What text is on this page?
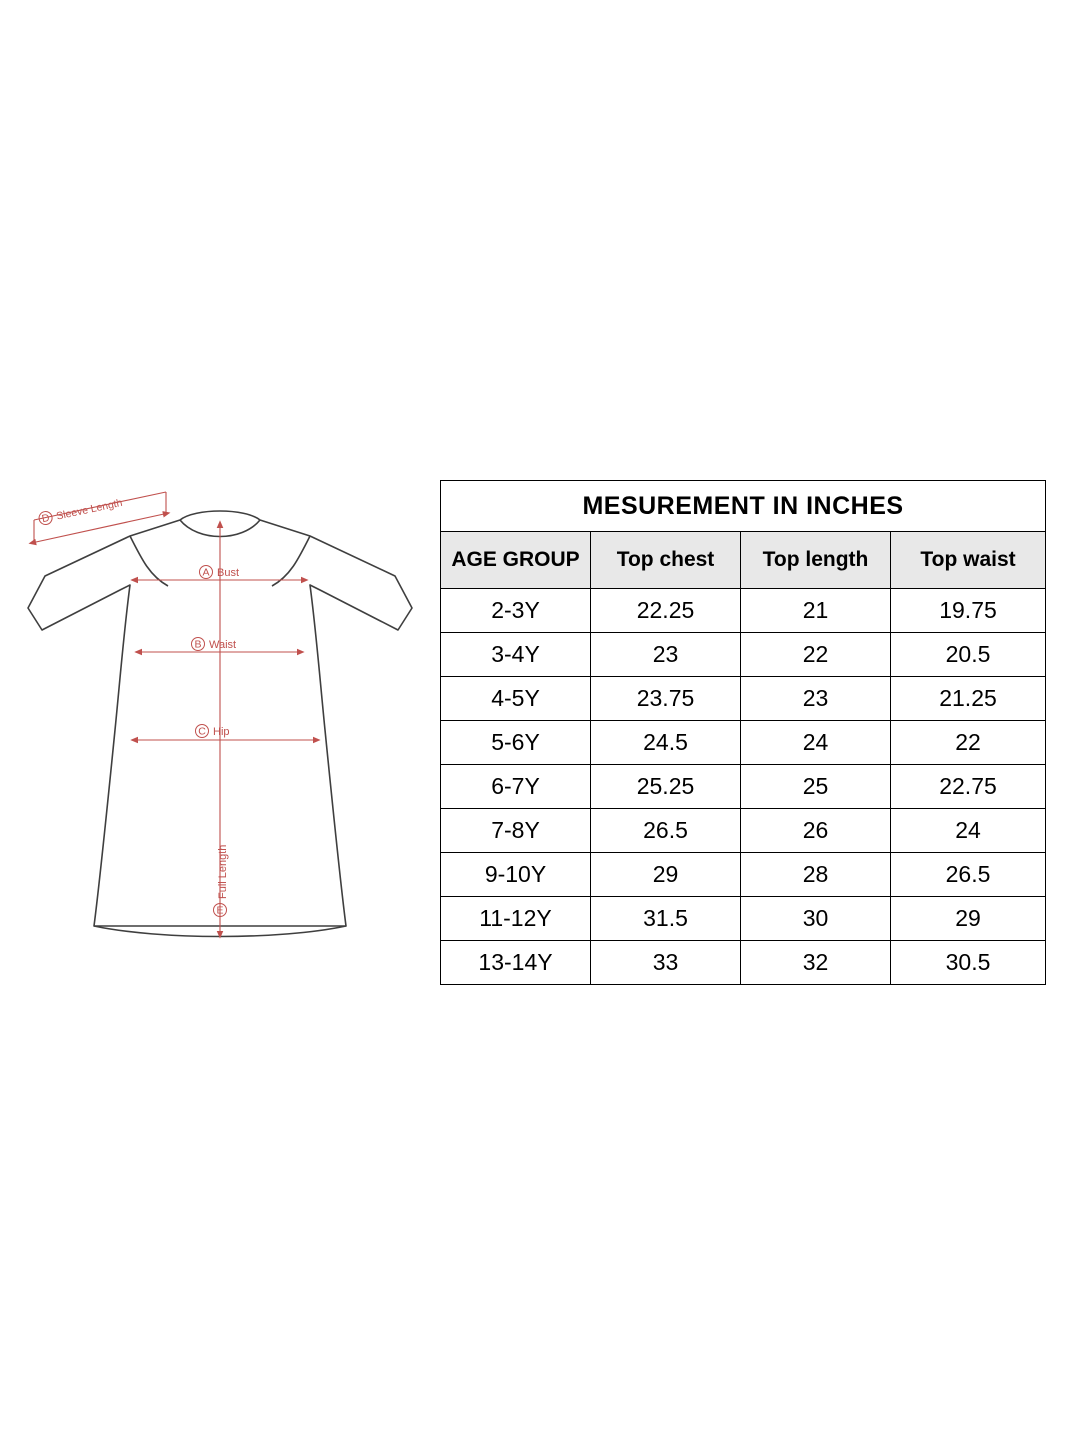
D Sleeve Length
A Bust
B Waist
C Hip
E
Full Length
MESUREMENT IN INCHES			
AGE GROUP	Top chest	Top length	Top waist
2-3Y	22.25	21	19.75
3-4Y	23	22	20.5
4-5Y	23.75	23	21.25
5-6Y	24.5	24	22
6-7Y	25.25	25	22.75
7-8Y	26.5	26	24
9-10Y	29	28	26.5
11-12Y	31.5	30	29
13-14Y	33	32	30.5
